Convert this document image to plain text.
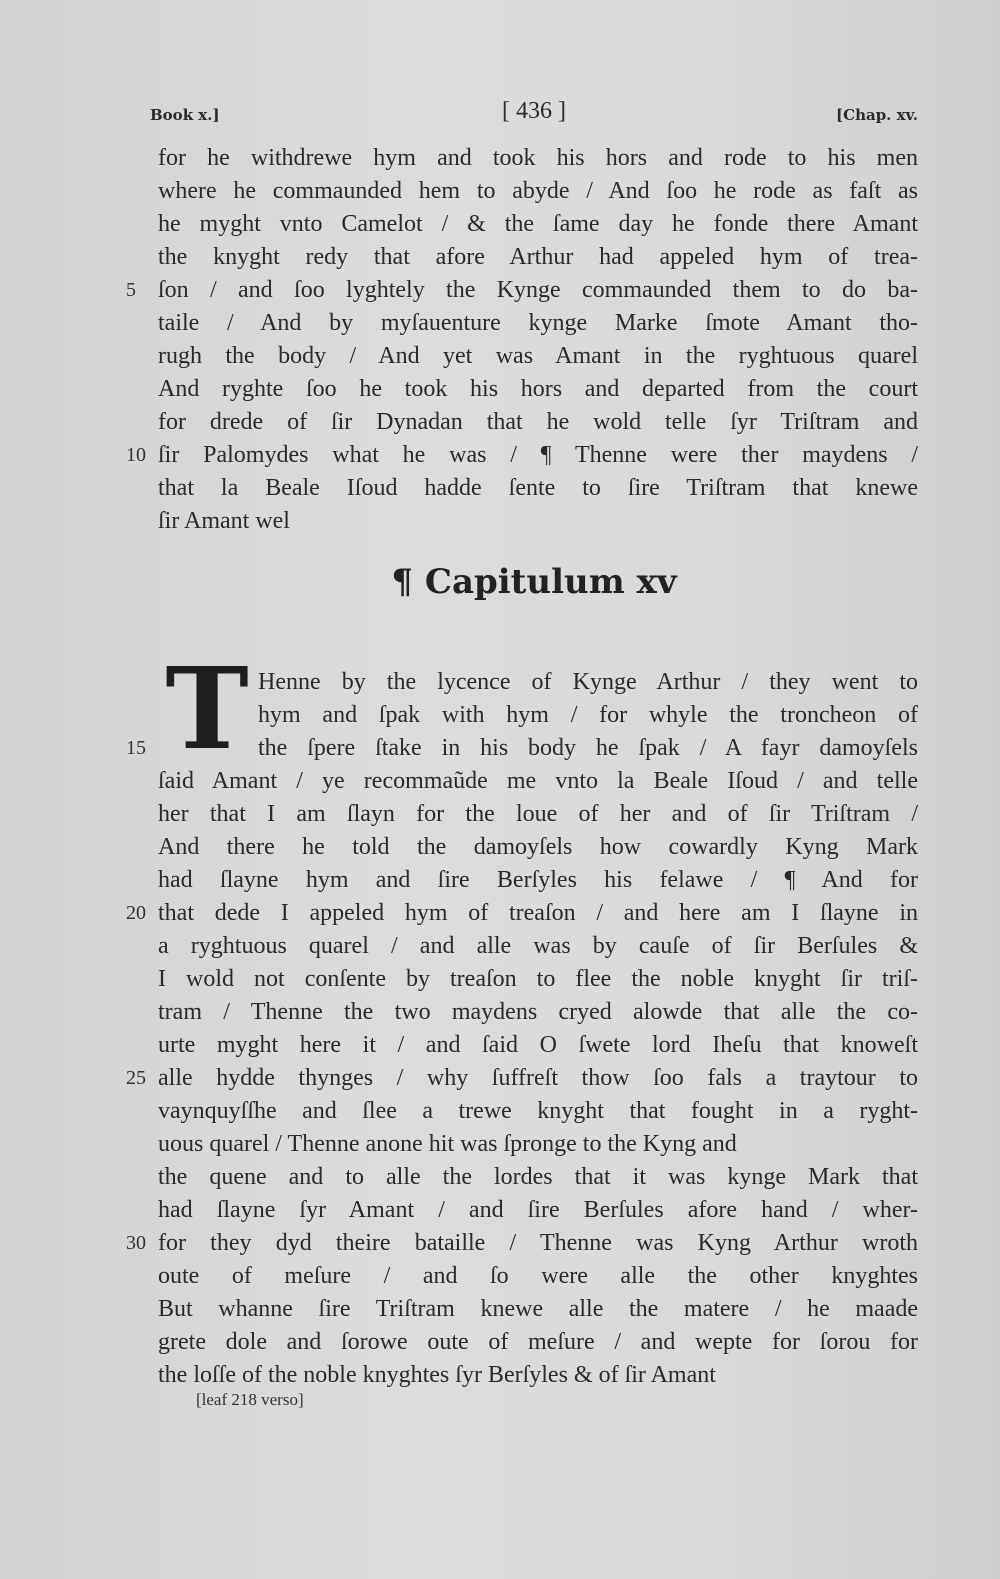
Book x.]	[ 436 ]	[Chap. xv.
for he withdrewe hym and took his hors and rode to his men
where he commaunded hem to abyde / And ſoo he rode as faſt as
he myght vnto Camelot / & the ſame day he fonde there Amant
the knyght redy that afore Arthur had appeled hym of trea-
ſon / and ſoo lyghtely the Kynge commaunded them to do ba-
5
taile / And by myſauenture kynge Marke ſmote Amant tho-
rugh the body / And yet was Amant in the ryghtuous quarel
And ryghte ſoo he took his hors and departed from the court
for drede of ſir Dynadan that he wold telle ſyr Triſtram and
ſir Palomydes what he was / ¶ Thenne were ther maydens /
10
that la Beale Iſoud hadde ſente to ſire Triſtram that knewe
ſir Amant wel
¶ Capitulum xv
T Henne by the lycence of Kynge Arthur / they went to
hym and ſpak with hym / for whyle the troncheon of
the ſpere ſtake in his body he ſpak / A fayr damoyſels
15
ſaid Amant / ye recommaũde me vnto la Beale Iſoud / and telle
her that I am ſlayn for the loue of her and of ſir Triſtram /
And there he told the damoyſels how cowardly Kyng Mark
had ſlayne hym and ſire Berſyles his felawe / ¶ And for
that dede I appeled hym of treaſon / and here am I ſlayne in
20
a ryghtuous quarel / and alle was by cauſe of ſir Berſules &
I wold not conſente by treaſon to flee the noble knyght ſir triſ-
tram / Thenne the two maydens cryed alowde that alle the co-
urte myght here it / and ſaid O ſwete lord Iheſu that knoweſt
alle hydde thynges / why ſuffreſt thow ſoo fals a traytour to
25
vaynquyſſhe and ſlee a trewe knyght that fought in a ryght-
uous quarel / Thenne anone hit was ſpronge to the Kyng and
the quene and to alle the lordes that it was kynge Mark that
had ſlayne ſyr Amant / and ſire Berſules afore hand / wher-
for they dyd theire bataille / Thenne was Kyng Arthur wroth
30
oute of meſure / and ſo were alle the other knyghtes
But whanne ſire Triſtram knewe alle the matere / he maade
grete dole and ſorowe oute of meſure / and wepte for ſorou for
the loſſe of the noble knyghtes ſyr Berſyles & of ſir Amant
[leaf 218 verso]
